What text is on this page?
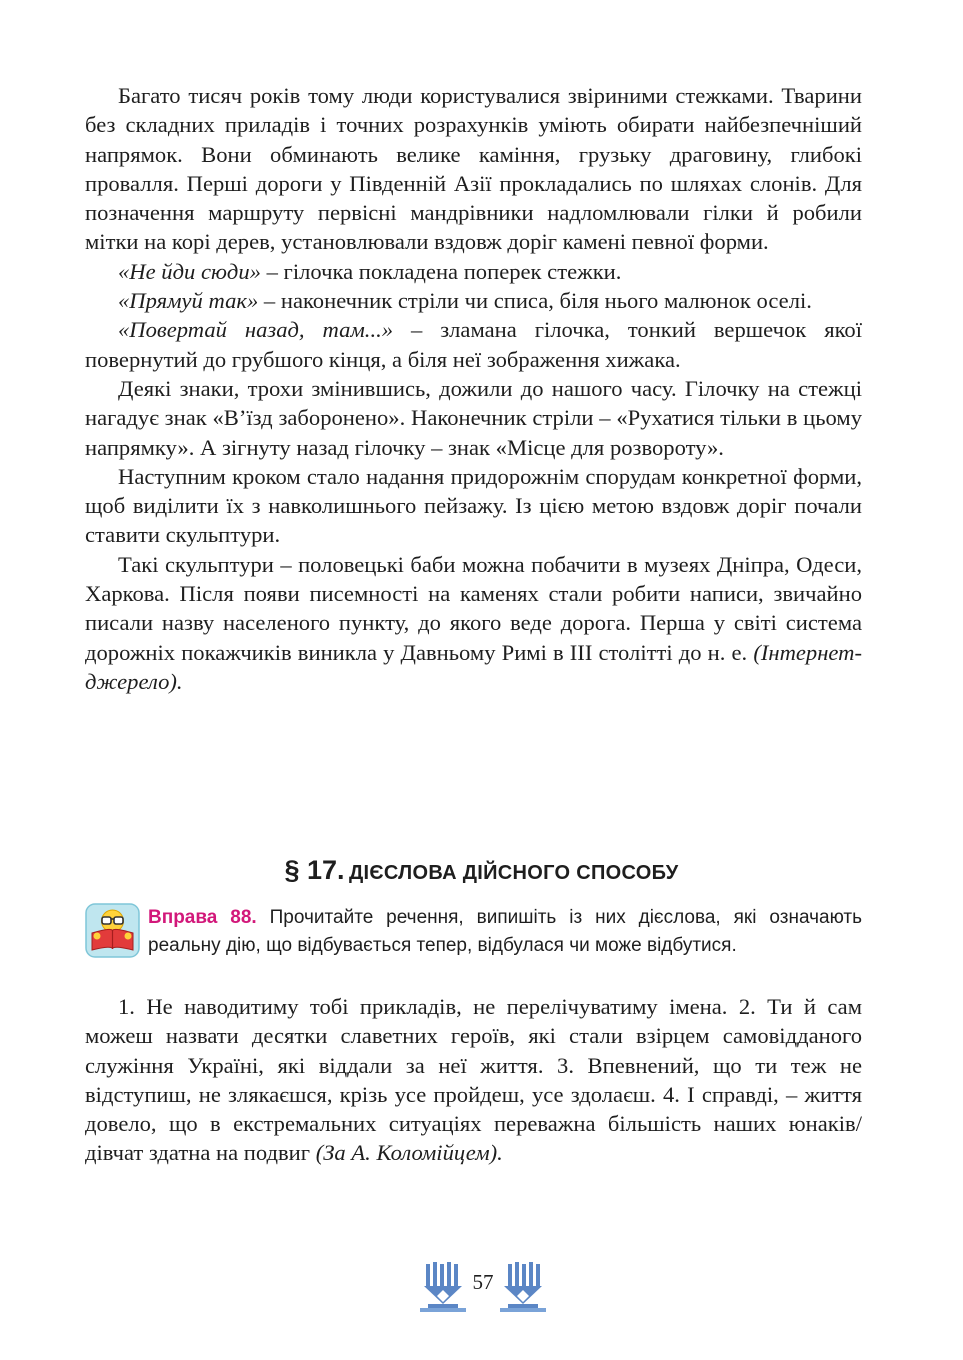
Багато тисяч років тому люди користувалися звіриними стежками. Тварини без складних приладів і точних розрахунків уміють обирати найбезпечніший напрямок. Вони обминають велике каміння, грузьку драговину, глибокі провалля. Перші дороги у Південній Азії прокладались по шляхах слонів. Для позначення маршруту первісні мандрівники надломлювали гілки й робили мітки на корі дерев, установлювали вздовж доріг камені певної форми.

«Не йди сюди» – гілочка покладена поперек стежки.

«Прямуй так» – наконечник стріли чи списа, біля нього малюнок оселі.

«Повертай назад, там...» – зламана гілочка, тонкий вершечок якої повернутий до грубшого кінця, а біля неї зображення хижака.

Деякі знаки, трохи змінившись, дожили до нашого часу. Гілочку на стежці нагадує знак «В’їзд заборонено». Наконечник стріли – «Рухатися тільки в цьому напрямку». А зігнуту назад гілочку – знак «Місце для розвороту».

Наступним кроком стало надання придорожнім спорудам конкретної форми, щоб виділити їх з навколишнього пейзажу. Із цією метою вздовж доріг почали ставити скульптури.

Такі скульптури – половецькі баби можна побачити в музеях Дніпра, Одеси, Харкова. Після появи писемності на каменях стали робити написи, звичайно писали назву населеного пункту, до якого веде дорога. Перша у світі система дорожніх покажчиків виникла у Давньому Римі в ІІІ столітті до н. е. (Інтернет-джерело).

§ 17. ДІЄСЛОВА ДІЙСНОГО СПОСОБУ
Вправа 88. Прочитайте речення, випишіть із них дієслова, які означають реальну дію, що відбувається тепер, відбулася чи може відбутися.

1. Не наводитиму тобі прикладів, не перелічуватиму імена. 2. Ти й сам можеш назвати десятки славетних героїв, які стали взірцем самовідданого служіння Україні, які віддали за неї життя. 3. Впевнений, що ти теж не відступиш, не злякаєшся, крізь усе пройдеш, усе здолаєш. 4. І справді, – життя довело, що в екстремальних ситуаціях переважна більшість наших юнаків/дівчат здатна на подвиг (За А. Коломійцем).

57
